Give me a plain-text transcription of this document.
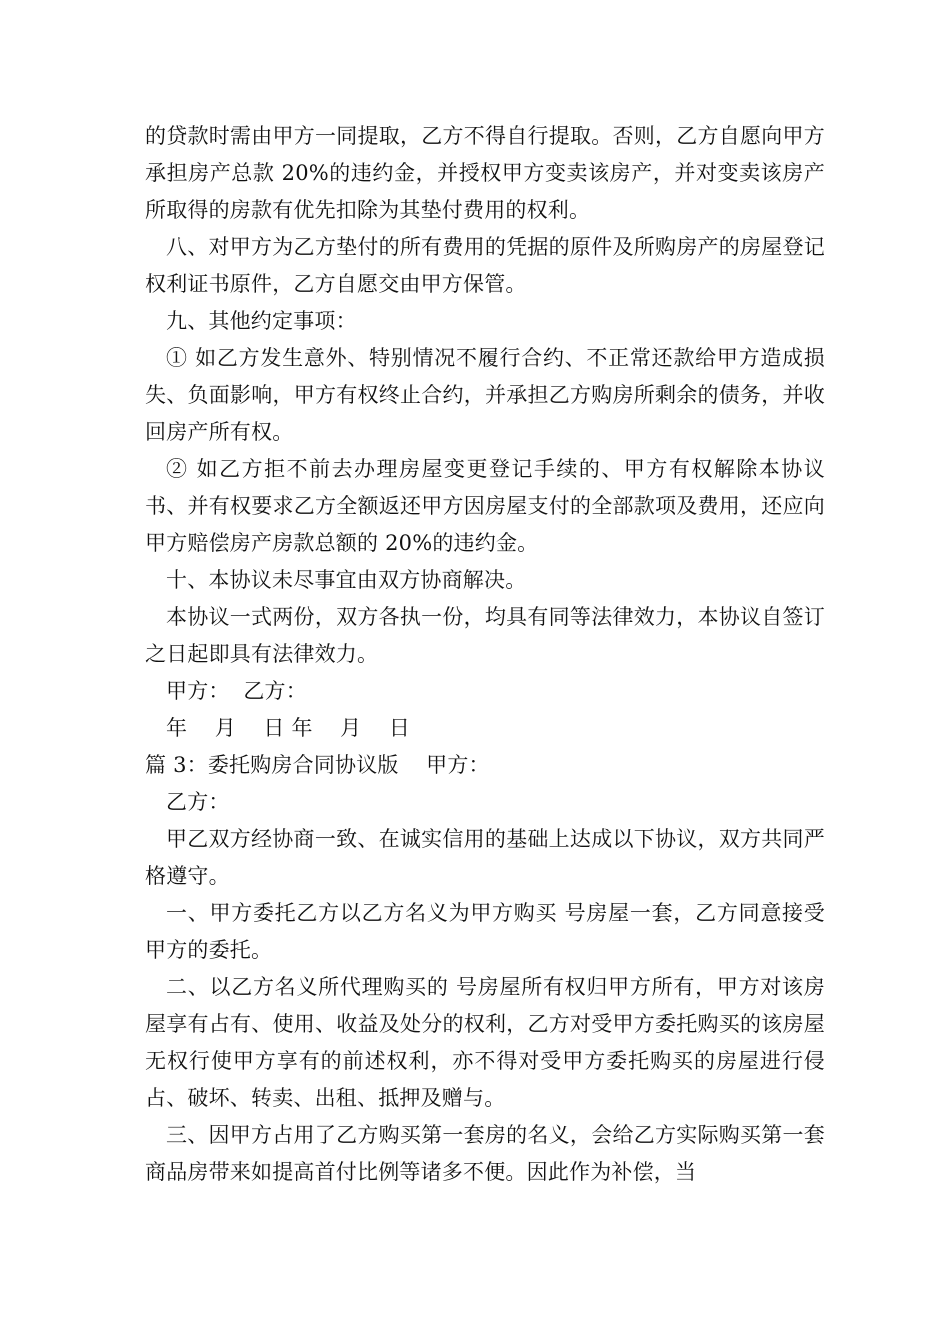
的贷款时需由甲方一同提取，乙方不得自行提取。否则，乙方自愿向甲方承担房产总款 20%的违约金，并授权甲方变卖该房产，并对变卖该房产所取得的房款有优先扣除为其垫付费用的权利。

八、对甲方为乙方垫付的所有费用的凭据的原件及所购房产的房屋登记权利证书原件，乙方自愿交由甲方保管。

九、其他约定事项：

① 如乙方发生意外、特别情况不履行合约、不正常还款给甲方造成损失、负面影响，甲方有权终止合约，并承担乙方购房所剩余的债务，并收回房产所有权。

② 如乙方拒不前去办理房屋变更登记手续的、甲方有权解除本协议书、并有权要求乙方全额返还甲方因房屋支付的全部款项及费用，还应向甲方赔偿房产房款总额的 20%的违约金。

十、本协议未尽事宜由双方协商解决。

本协议一式两份，双方各执一份，均具有同等法律效力，本协议自签订之日起即具有法律效力。

甲方：  乙方：

年    月    日 年    月    日

篇 3：委托购房合同协议版    甲方：

乙方：

甲乙双方经协商一致、在诚实信用的基础上达成以下协议，双方共同严格遵守。

一、甲方委托乙方以乙方名义为甲方购买 号房屋一套，乙方同意接受甲方的委托。

二、以乙方名义所代理购买的 号房屋所有权归甲方所有，甲方对该房屋享有占有、使用、收益及处分的权利，乙方对受甲方委托购买的该房屋无权行使甲方享有的前述权利，亦不得对受甲方委托购买的房屋进行侵占、破坏、转卖、出租、抵押及赠与。

三、因甲方占用了乙方购买第一套房的名义，会给乙方实际购买第一套商品房带来如提高首付比例等诸多不便。因此作为补偿，当
